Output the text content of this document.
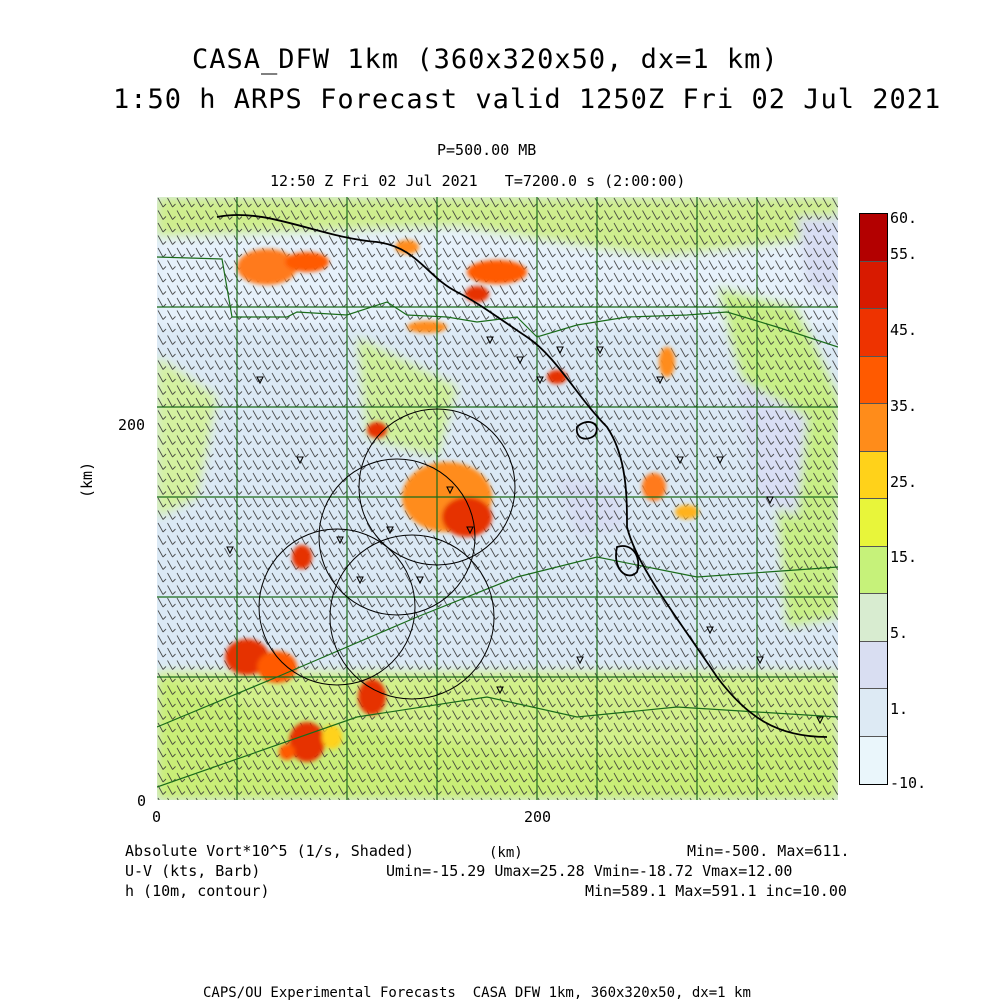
CASA_DFW 1km (360x320x50, dx=1 km)
1:50 h ARPS Forecast valid 1250Z Fri 02 Jul 2021
P=500.00 MB
12:50 Z Fri 02 Jul 2021   T=7200.0 s (2:00:00)
(km)
200
0
0	200
(km)
60.
55.
45.
35.
25.
15.
5.
1.
-10.
Absolute Vort*10^5 (1/s, Shaded)	Min=-500. Max=611.
U-V (kts, Barb)	Umin=-15.29 Umax=25.28 Vmin=-18.72 Vmax=12.00
h (10m, contour)	Min=589.1 Max=591.1 inc=10.00
CAPS/OU Experimental Forecasts  CASA DFW 1km, 360x320x50, dx=1 km
